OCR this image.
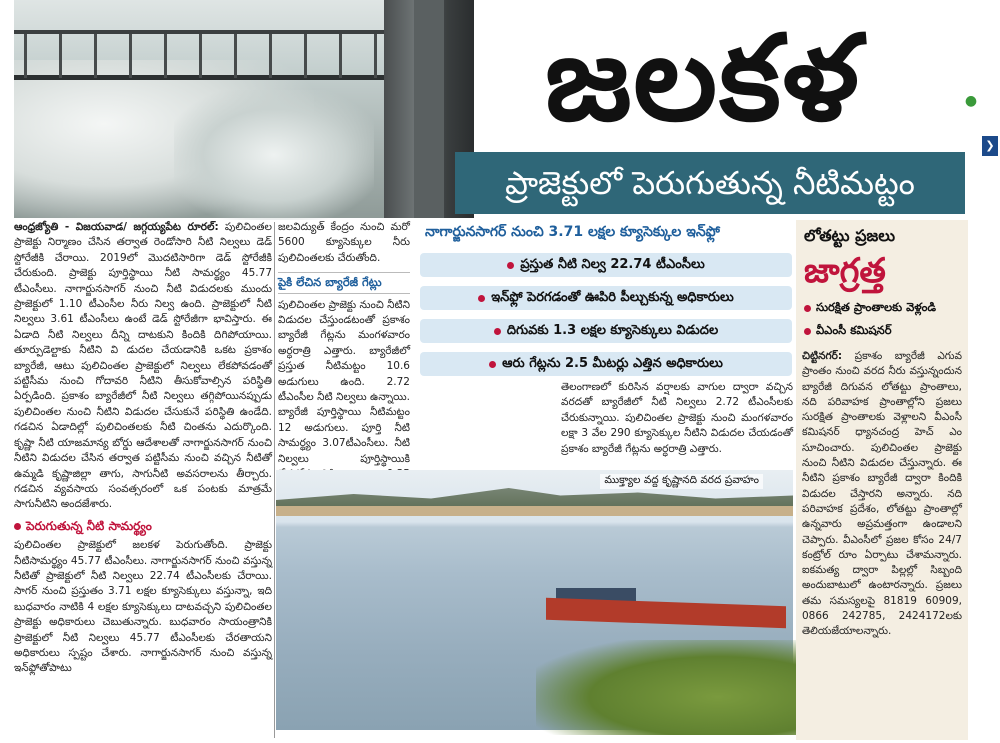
జలకళ
ప్రాజెక్టులో పెరుగుతున్న నీటిమట్టం
●
❯

ఆంధ్రజ్యోతి - విజయవాడ/ జగ్గయ్యపేట రూరల్‌: పులిచింతల ప్రాజెక్టు నిర్మాణం చేసిన తర్వాత రెండోసారి నీటి నిల్వలు డెడ్‌ స్టోరేజీకి చేరాయి. 2019లో మొదటిసారిగా డెడ్‌ స్టోరేజీకి చేరుకుంది. ప్రాజెక్టు పూర్తిస్థాయి నీటి సామర్థ్యం 45.77 టీఎంసీలు. నాగార్జునసాగర్‌ నుంచి నీటి విడుదలకు ముందు ప్రాజెక్టులో 1.10 టీఎంసీల నీరు నిల్వ ఉంది. ప్రాజెక్టులో నీటి నిల్వలు 3.61 టీఎంసీలు ఉంటే డెడ్‌ స్టోరేజీగా భావిస్తారు. ఈ ఏడాది నీటి నిల్వలు దీన్ని దాటకుని కిందికి దిగిపోయాయి. తూర్పుడెల్టాకు నీటిని వి డుదల చేయడానికి ఒకట ప్రకాశం బ్యారేజీ, ఆటు పులిచింతల ప్రాజెక్టులో నిల్వలు లేకపోవడంతో పట్టిసీమ నుంచి గోదావరి నీటిని తీసుకోవాల్సిన పరిస్థితి ఏర్పడింది. ప్రకాశం బ్యారేజీలో నీటి నిల్వలు తగ్గిపోయినప్పుడు పులిచింతల నుంచి నీటిని విడుదల చేసుకునే పరిస్థితి ఉండేది. గడచిన ఏడాదిల్లో పులిచింతలకు నీటి చింతను ఎదుర్కొంది. కృష్ణా నీటి యాజమాన్య బోర్డు ఆదేశాలతో నాగార్జునసాగర్‌ నుంచి నీటిని విడుదల చేసిన తర్వాత పట్టిసీమ నుంచి వచ్చిన నీటితో ఉమ్మడి కృష్ణాజిల్లా తాగు, సాగునీటి అవసరాలను తీర్చారు. గడచిన వ్యవసాయ సంవత్సరంలో ఒక పంటకు మాత్రమే సాగునీటిని అందజేశారు.

పెరుగుతున్న నీటి సామర్థ్యం

పులిచింతల ప్రాజెక్టులో జలకళ పెరుగుతోంది. ప్రాజెక్టు నీటిసామర్థ్యం 45.77 టీఎంసీలు. నాగార్జునసాగర్‌ నుంచి వస్తున్న నీటితో ప్రాజెక్టులో నీటి నిల్వలు 22.74 టీఎంసీలకు చేరాయి. సాగర్‌ నుంచి ప్రస్తుతం 3.71 లక్షల క్యూసెక్కులు వస్తున్నా, ఇది బుధవారం నాటికి 4 లక్షల క్యూసెక్కులు దాటవచ్చని పులిచింతల ప్రాజెక్టు అధికారులు చెబుతున్నారు. బుధవారం సాయంత్రానికి ప్రాజెక్టులో నీటి నిల్వలు 45.77 టీఎంసీలకు చేరతాయని అధికారులు స్పష్టం చేశారు. నాగార్జునసాగర్‌ నుంచి వస్తున్న ఇన్‌ఫ్లోతోపాటు

జలవిద్యుత్‌ కేంద్రం నుంచి మరో 5600 క్యూసెక్కుల నీరు పులిచింతలకు చేరుతోంది.

పైకి లేచిన బ్యారేజీ గేట్లు

పులిచింతల ప్రాజెక్టు నుంచి నీటిని విడుదల చేస్తుండటంతో ప్రకాశం బ్యారేజీ గేట్లను మంగళవారం అర్ధరాత్రి ఎత్తారు. బ్యారేజీలో ప్రస్తుత నీటిమట్టం 10.6 అడుగులు ఉంది. 2.72 టీఎంసీల నీటి నిల్వలు ఉన్నాయి. బ్యారేజీ పూర్తిస్థాయి నీటిమట్టం 12 అడుగులు. పూర్తి నీటి సామర్థ్యం 3.07టీఎంసీలు. నీటి నిల్వలు పూర్తిస్థాయికి

నాగార్జునసాగర్‌ నుంచి 3.71 లక్షల క్యూసెక్కుల ఇన్‌ఫ్లో
ప్రస్తుత నీటి నిల్వ 22.74 టీఎంసీలు
ఇన్‌ఫ్లో పెరగడంతో ఊపిరి పీల్చుకున్న అధికారులు
దిగువకు 1.3 లక్షల క్యూసెక్కులు విడుదల
ఆరు గేట్లను 2.5 మీటర్లు ఎత్తిన అధికారులు

తెలంగాణలో కురిసిన వర్షాలకు వాగుల ద్వారా వచ్చిన వరదతో బ్యారేజీలో నీటి నిల్వలు 2.72 టీఎంసీలకు చేరుకున్నాయి. పులిచింతల ప్రాజెక్టు నుంచి మంగళవారం లక్షా 3 వేల 290 క్యూసెక్కుల నీటిని విడుదల చేయడంతో ప్రకాశం బ్యారేజీ గేట్లను అర్ధరాత్రి ఎత్తారు.

ముక్త్యాల వద్ద కృష్ణానది వరద ప్రవాహం
లోతట్టు ప్రజలు
జాగ్రత్త
సురక్షిత ప్రాంతాలకు వెళ్లండి
వీఎంసీ కమిషనర్‌
చిట్టినగర్‌: ప్రకాశం బ్యారేజీ ఎగువ ప్రాంతం నుంచి వరద నీరు వస్తున్నందున బ్యారేజీ దిగువన లోతట్టు ప్రాంతాలు, నది పరివాహక ప్రాంతాల్లోని ప్రజలు సురక్షిత ప్రాంతాలకు వెళ్లాలని వీఎంసీ కమిషనర్‌ ధ్యానచంద్ర హెచ్‌ ఎం సూచించారు. పులిచింతల ప్రాజెక్టు నుంచి నీటిని విడుదల చేస్తున్నారు. ఈ నీటిని ప్రకాశం బ్యారేజీ ద్వారా కిందికి విడుదల చేస్తారని అన్నారు. నది పరివాహక ప్రదేశం, లోతట్టు ప్రాంతాల్లో ఉన్నవారు అప్రమత్తంగా ఉండాలని చెప్పారు. వీఎంసీలో ప్రజల కోసం 24/7 కంట్రోల్‌ రూం ఏర్పాటు చేశామన్నారు. ఐకమత్య ద్వారా పిల్లల్లో సిబ్బంది అందుబాటులో ఉంటారన్నారు. ప్రజలు తమ సమస్యలపై 81819 60909, 0866 242785, 2424172లకు తెలియజేయాలన్నారు.
